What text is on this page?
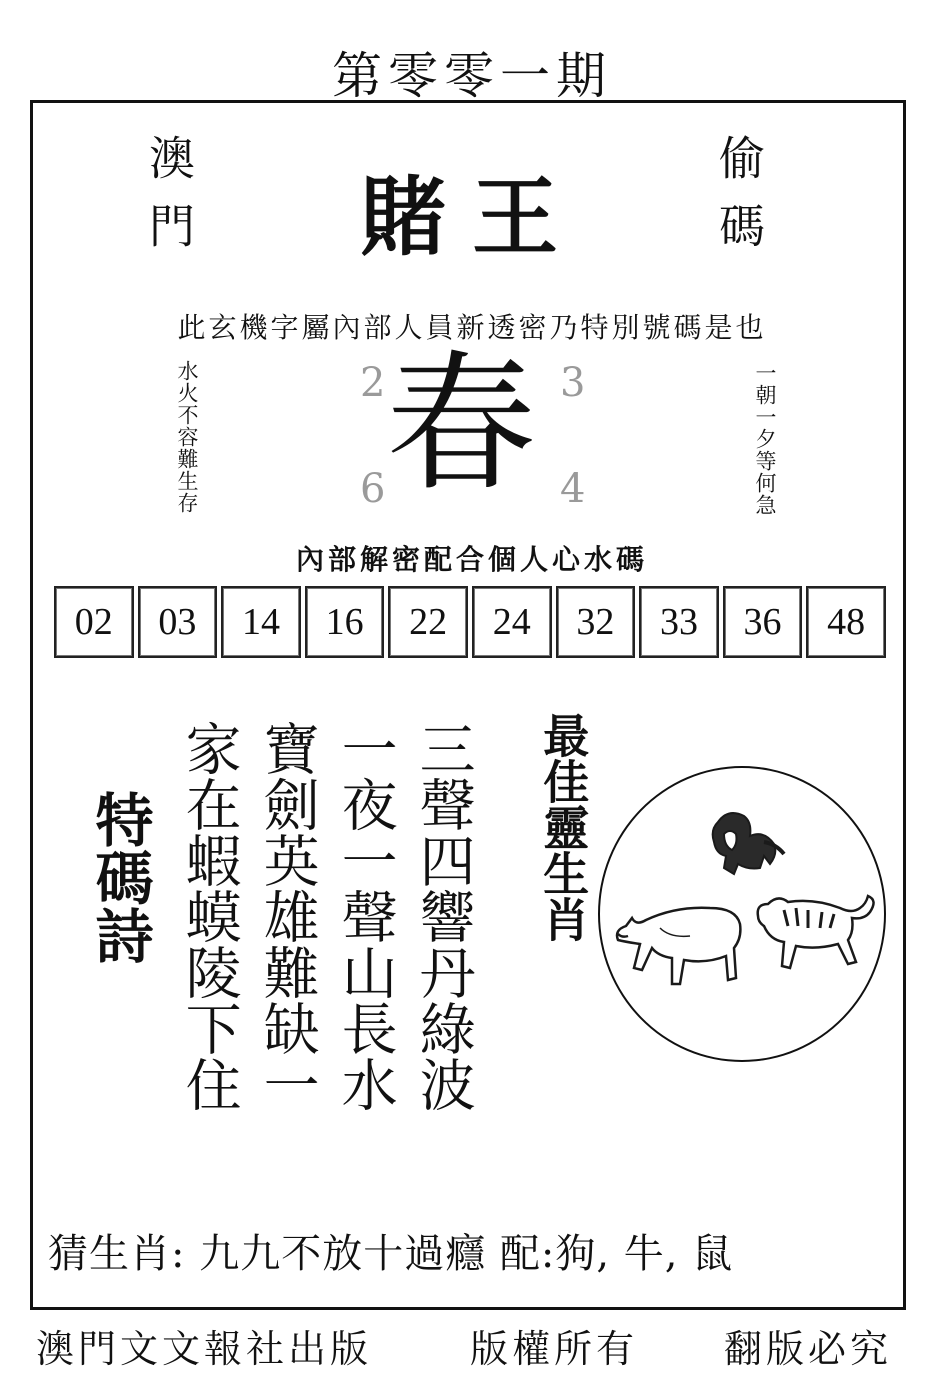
第零零一期
澳門	偷碼
賭王
此玄機字屬內部人員新透密乃特別號碼是也
水火不容難生存	一朝一夕等何急
春
2	3
6	4
內部解密配合個人心水碼
02	03	14	16	22	24	32	33	36	48
特碼詩	三聲四響丹綠波
一夜一聲山長水
寶劍英雄難缺一
家在蝦蟆陵下住	最佳靈生肖
猜生肖: 九九不放十過癮 配:狗, 牛, 鼠
澳門文文報社出版	版權所有 翻版必究
